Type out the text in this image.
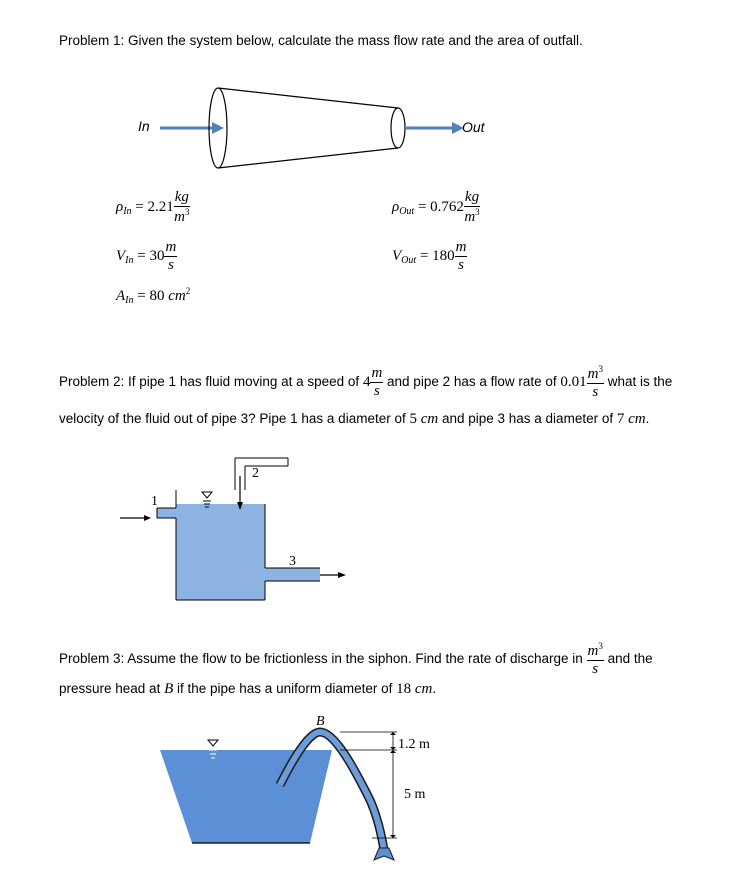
Problem 1: Given the system below, calculate the mass flow rate and the area of outfall.
In	Out
$\rho_{In} = 2.21 \frac{kg}{m^3}$
$V_{In} = 30 \frac{m}{s}$
$A_{In} = 80$ $cm^2$
$\rho_{Out} = 0.762 \frac{kg}{m^3}$
$V_{Out} = 180 \frac{m}{s}$
Problem 2: If pipe 1 has fluid moving at a speed of $4 \frac{m}{s}$ and pipe 2 has a flow rate of $0.01 \frac{m^3}{s}$ what is the
velocity of the fluid out of pipe 3? Pipe 1 has a diameter of 5 cm and pipe 3 has a diameter of 7 cm.
1
2
3
Problem 3: Assume the flow to be frictionless in the siphon. Find the rate of discharge in $\frac{m^3}{s}$ and the
pressure head at B if the pipe has a uniform diameter of 18 cm.
B
1.2 m
5 m
